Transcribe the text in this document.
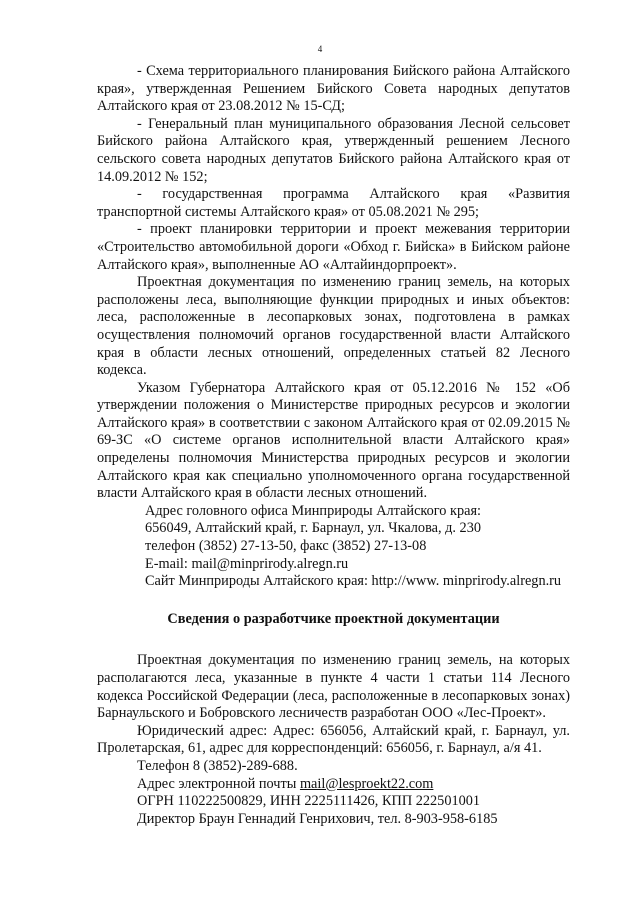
4

- Схема территориального планирования Бийского района Алтайского края», утвержденная Решением Бийского Совета народных депутатов Алтайского края от 23.08.2012 № 15-СД;

- Генеральный план муниципального образования Лесной сельсовет Бийского района Алтайского края, утвержденный решением Лесного сельского совета народных депутатов Бийского района Алтайского края от 14.09.2012 № 152;

- государственная программа Алтайского края «Развития транспортной системы Алтайского края» от 05.08.2021 № 295;

- проект планировки территории и проект межевания территории «Строительство автомобильной дороги «Обход г. Бийска» в Бийском районе Алтайского края», выполненные АО «Алтайиндорпроект».

Проектная документация по изменению границ земель, на которых расположены леса, выполняющие функции природных и иных объектов: леса, расположенные в лесопарковых зонах, подготовлена в рамках осуществления полномочий органов государственной власти Алтайского края в области лесных отношений, определенных статьей 82 Лесного кодекса.

Указом Губернатора Алтайского края от 05.12.2016 № 152 «Об утверждении положения о Министерстве природных ресурсов и экологии Алтайского края» в соответствии с законом Алтайского края от 02.09.2015 № 69-ЗС «О системе органов исполнительной власти Алтайского края» определены полномочия Министерства природных ресурсов и экологии Алтайского края как специально уполномоченного органа государственной власти Алтайского края в области лесных отношений.

Адрес головного офиса Минприроды Алтайского края:

656049, Алтайский край, г. Барнаул, ул. Чкалова, д. 230

телефон (3852) 27-13-50, факс (3852) 27-13-08

E-mail: mail@minprirody.alregn.ru

Сайт Минприроды Алтайского края: http://www. minprirody.alregn.ru

Сведения о разработчике проектной документации

Проектная документация по изменению границ земель, на которых располагаются леса, указанные в пункте 4 части 1 статьи 114 Лесного кодекса Российской Федерации (леса, расположенные в лесопарковых зонах) Барнаульского и Бобровского лесничеств разработан ООО «Лес-Проект».

Юридический адрес: Адрес: 656056, Алтайский край, г. Барнаул, ул. Пролетарская, 61, адрес для корреспонденций: 656056, г. Барнаул, а/я 41.

Телефон 8 (3852)-289-688.

Адрес электронной почты mail@lesproekt22.com

ОГРН 110222500829, ИНН 2225111426, КПП 222501001

Директор Браун Геннадий Генрихович, тел. 8-903-958-6185
